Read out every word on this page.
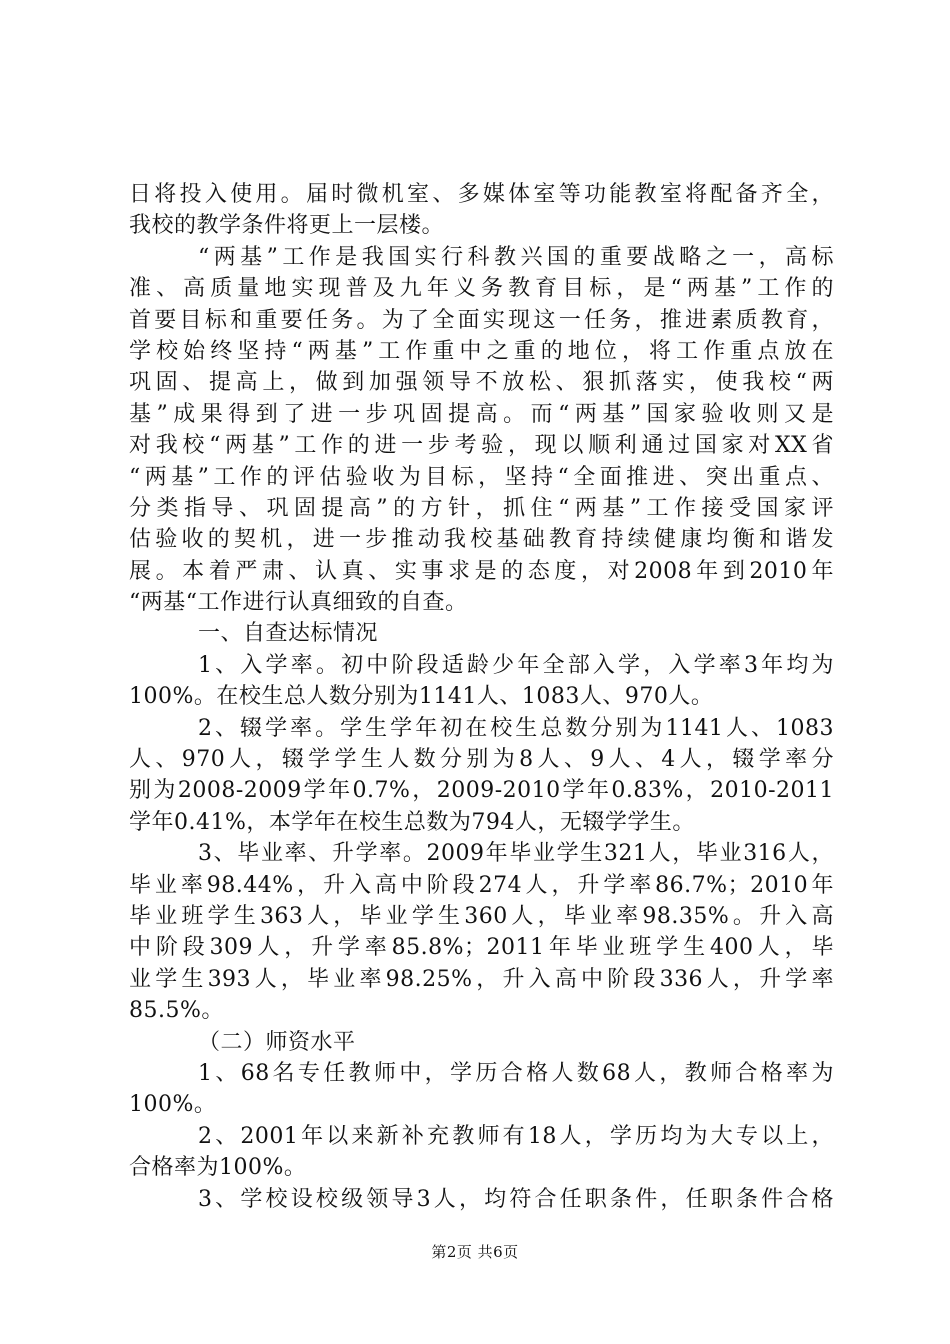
日将投入使用。届时微机室、多媒体室等功能教室将配备齐全，
我校的教学条件将更上一层楼。
“两基”工作是我国实行科教兴国的重要战略之一，高标
准、高质量地实现普及九年义务教育目标，是“两基”工作的
首要目标和重要任务。为了全面实现这一任务，推进素质教育，
学校始终坚持“两基”工作重中之重的地位，将工作重点放在
巩固、提高上，做到加强领导不放松、狠抓落实，使我校“两
基”成果得到了进一步巩固提高。而“两基”国家验收则又是
对我校“两基”工作的进一步考验，现以顺利通过国家对XX省
“两基”工作的评估验收为目标，坚持“全面推进、突出重点、
分类指导、巩固提高”的方针，抓住“两基”工作接受国家评
估验收的契机，进一步推动我校基础教育持续健康均衡和谐发
展。本着严肃、认真、实事求是的态度，对2008年到2010年
“两基“工作进行认真细致的自查。
一、自查达标情况
1、入学率。初中阶段适龄少年全部入学，入学率3年均为
100%。在校生总人数分别为1141人、1083人、970人。
2、辍学率。学生学年初在校生总数分别为1141人、1083
人、970人，辍学学生人数分别为8人、9人、4人，辍学率分
别为2008-2009学年0.7%，2009-2010学年0.83%，2010-2011
学年0.41%，本学年在校生总数为794人，无辍学学生。
3、毕业率、升学率。2009年毕业学生321人，毕业316人，
毕业率98.44%，升入高中阶段274人，升学率86.7%；2010年
毕业班学生363人，毕业学生360人，毕业率98.35%。升入高
中阶段309人，升学率85.8%；2011年毕业班学生400人，毕
业学生393人，毕业率98.25%，升入高中阶段336人，升学率
85.5%。
（二）师资水平
1、68名专任教师中，学历合格人数68人，教师合格率为
100%。
2、2001年以来新补充教师有18人，学历均为大专以上，
合格率为100%。
3、学校设校级领导3人，均符合任职条件，任职条件合格
第2页 共6页
